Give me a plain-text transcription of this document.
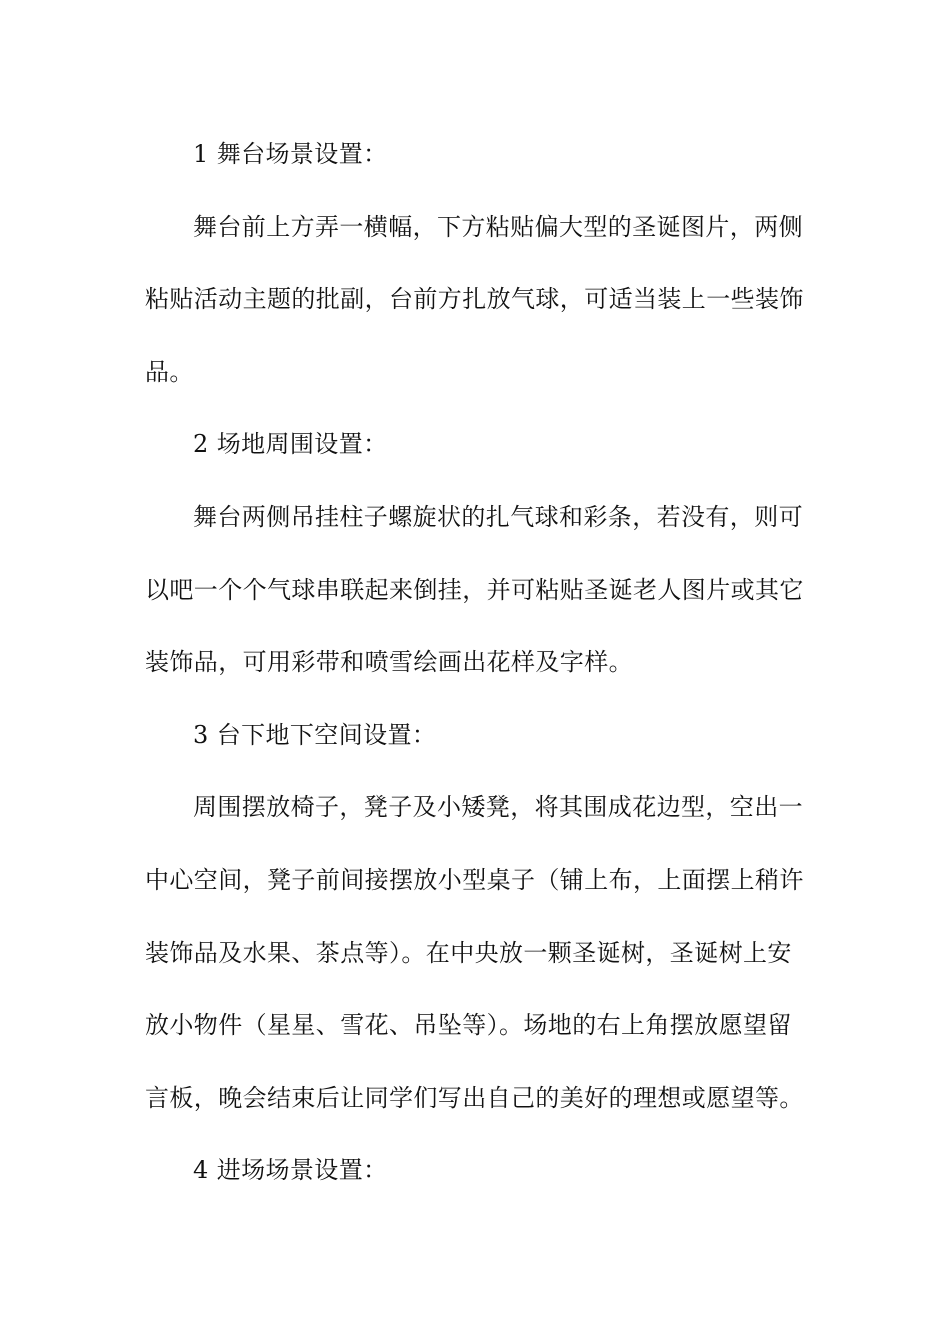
1 舞台场景设置：

舞台前上方弄一横幅，下方粘贴偏大型的圣诞图片，两侧粘贴活动主题的批副，台前方扎放气球，可适当装上一些装饰品。

2 场地周围设置：

舞台两侧吊挂柱子螺旋状的扎气球和彩条，若没有，则可以吧一个个气球串联起来倒挂，并可粘贴圣诞老人图片或其它装饰品，可用彩带和喷雪绘画出花样及字样。

3 台下地下空间设置：

周围摆放椅子，凳子及小矮凳，将其围成花边型，空出一中心空间，凳子前间接摆放小型桌子（铺上布，上面摆上稍许装饰品及水果、茶点等）。在中央放一颗圣诞树，圣诞树上安放小物件（星星、雪花、吊坠等）。场地的右上角摆放愿望留言板，晚会结束后让同学们写出自己的美好的理想或愿望等。

4 进场场景设置：
